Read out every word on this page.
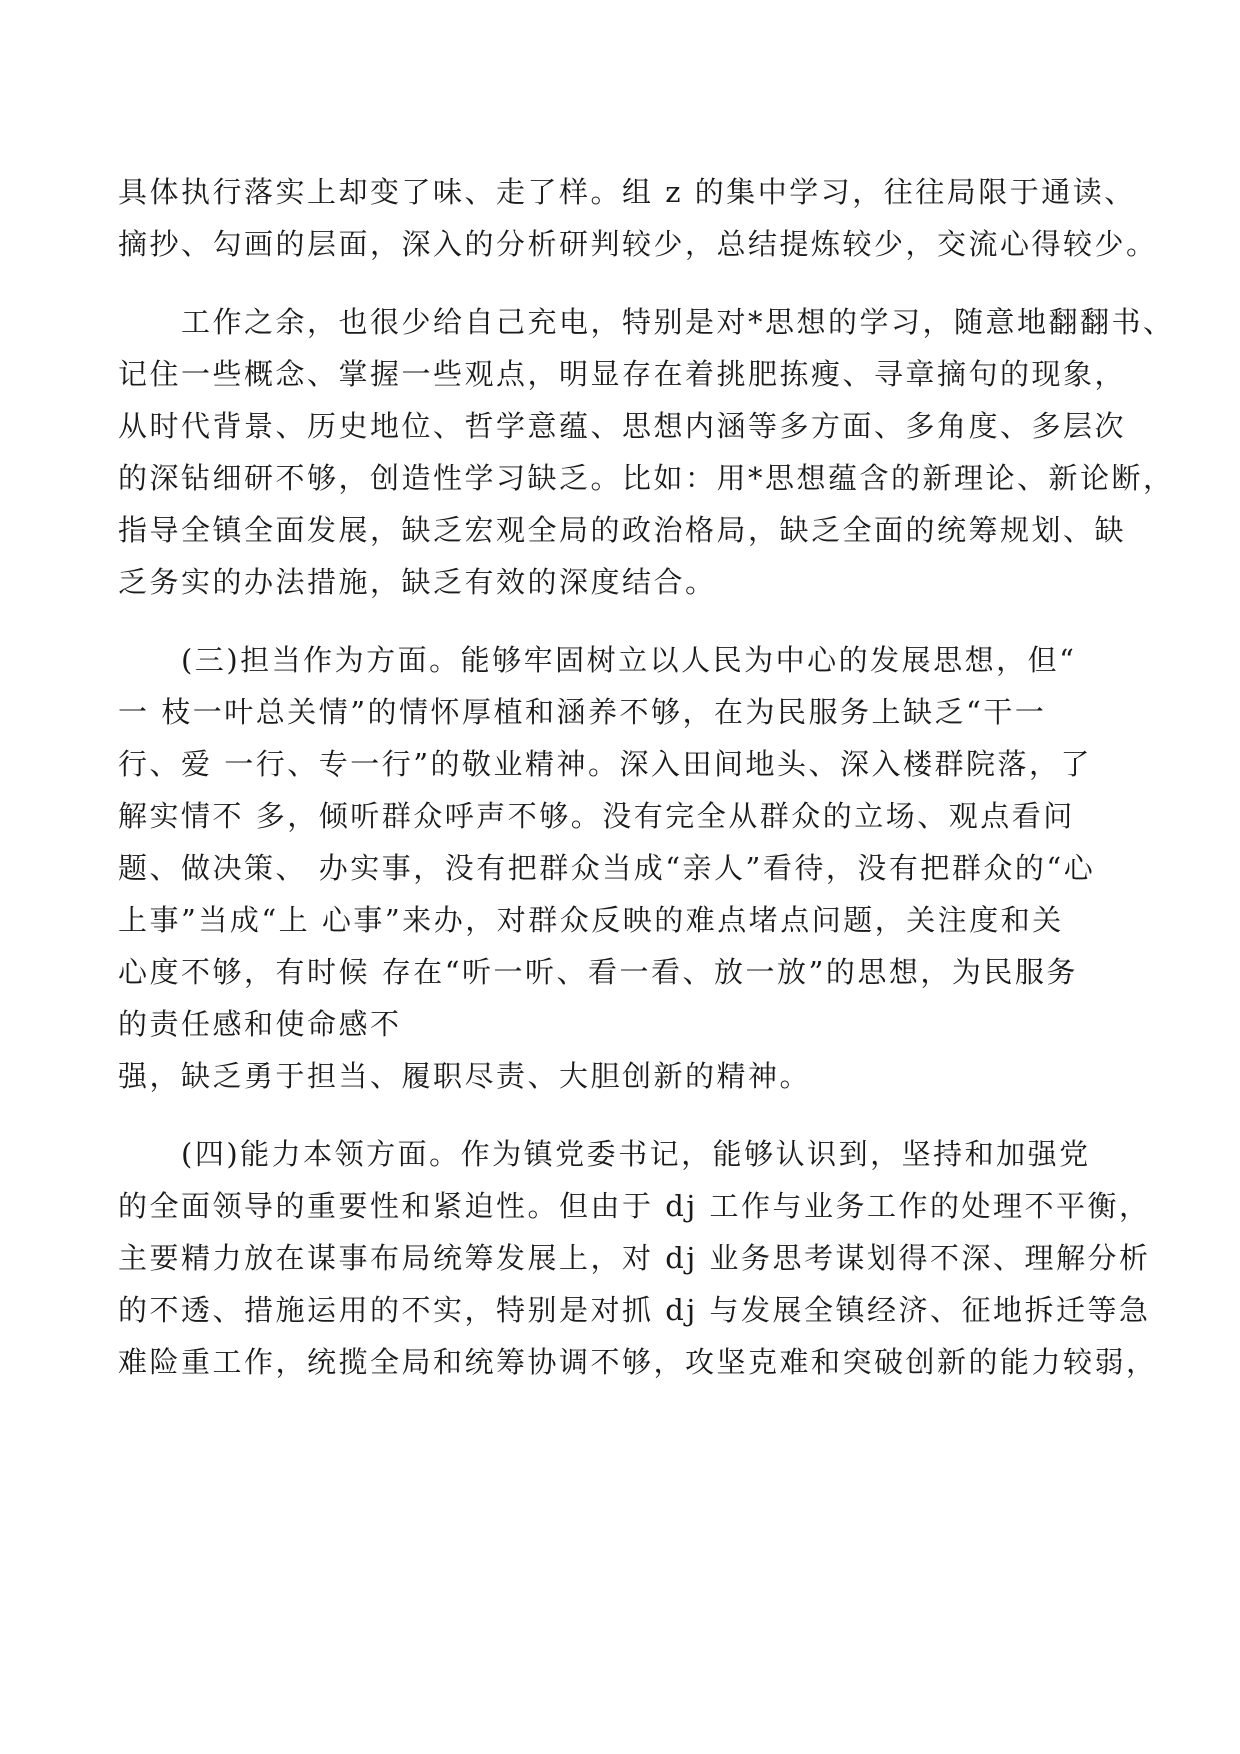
具体执行落实上却变了味、走了样。组 z 的集中学习，往往局限于通读、
摘抄、勾画的层面，深入的分析研判较少，总结提炼较少，交流心得较少。
　　工作之余，也很少给自己充电，特别是对*思想的学习，随意地翻翻书、
记住一些概念、掌握一些观点，明显存在着挑肥拣瘦、寻章摘句的现象，
从时代背景、历史地位、哲学意蕴、思想内涵等多方面、多角度、多层次
的深钻细研不够，创造性学习缺乏。比如：用*思想蕴含的新理论、新论断，
指导全镇全面发展，缺乏宏观全局的政治格局，缺乏全面的统筹规划、缺
乏务实的办法措施，缺乏有效的深度结合。
　　(三)担当作为方面。能够牢固树立以人民为中心的发展思想，但“
一 枝一叶总关情”的情怀厚植和涵养不够，在为民服务上缺乏“干一
行、爱 一行、专一行”的敬业精神。深入田间地头、深入楼群院落，了
解实情不 多，倾听群众呼声不够。没有完全从群众的立场、观点看问
题、做决策、 办实事，没有把群众当成“亲人”看待，没有把群众的“心
上事”当成“上 心事”来办，对群众反映的难点堵点问题，关注度和关
心度不够，有时候 存在“听一听、看一看、放一放”的思想，为民服务
的责任感和使命感不
强，缺乏勇于担当、履职尽责、大胆创新的精神。
　　(四)能力本领方面。作为镇党委书记，能够认识到，坚持和加强党
的全面领导的重要性和紧迫性。但由于 dj 工作与业务工作的处理不平衡，
主要精力放在谋事布局统筹发展上，对 dj 业务思考谋划得不深、理解分析
的不透、措施运用的不实，特别是对抓 dj 与发展全镇经济、征地拆迁等急
难险重工作，统揽全局和统筹协调不够，攻坚克难和突破创新的能力较弱，
